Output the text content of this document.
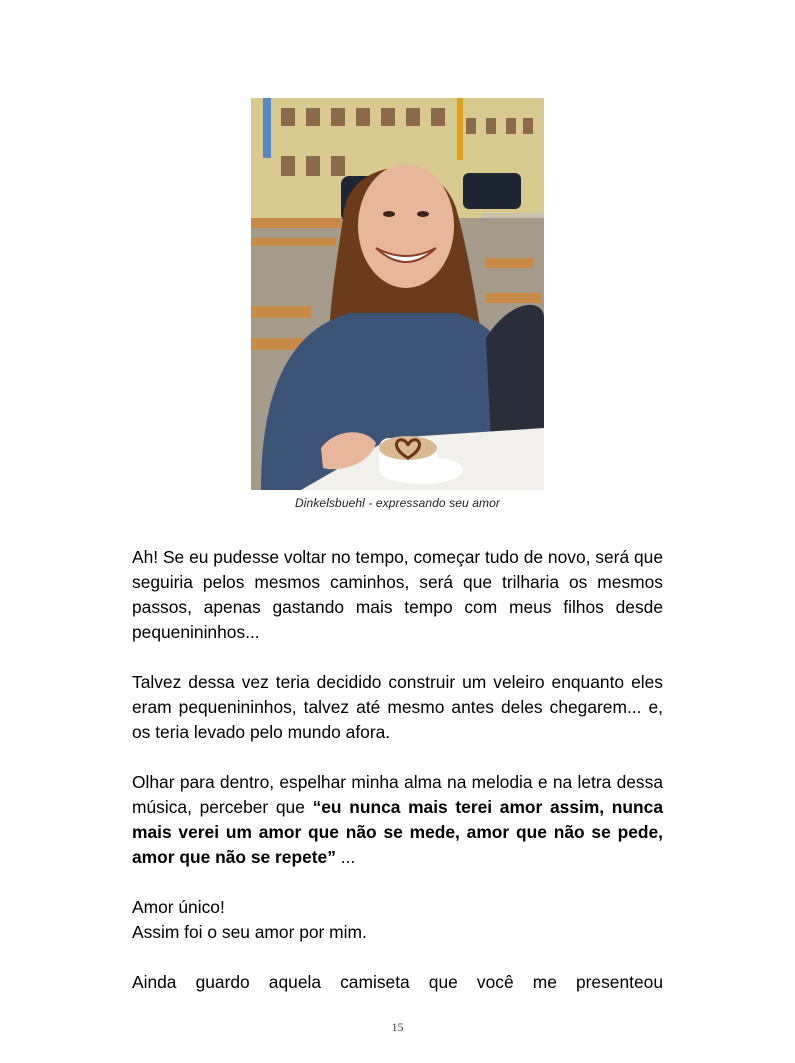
Dinkelsbuehl - expressando seu amor

Ah! Se eu pudesse voltar no tempo, começar tudo de novo, será que seguiria pelos mesmos caminhos, será que trilharia os mesmos passos, apenas gastando mais tempo com meus filhos desde pequenininhos...

Talvez dessa vez teria decidido construir um veleiro enquanto eles eram pequenininhos, talvez até mesmo antes deles chegarem... e, os teria levado pelo mundo afora.

Olhar para dentro, espelhar minha alma na melodia e na letra dessa música, perceber que “eu nunca mais terei amor assim, nunca mais verei um amor que não se mede, amor que não se pede, amor que não se repete” ...

Amor único!
Assim foi o seu amor por mim.

Ainda guardo aquela camiseta que você me presenteou

15
